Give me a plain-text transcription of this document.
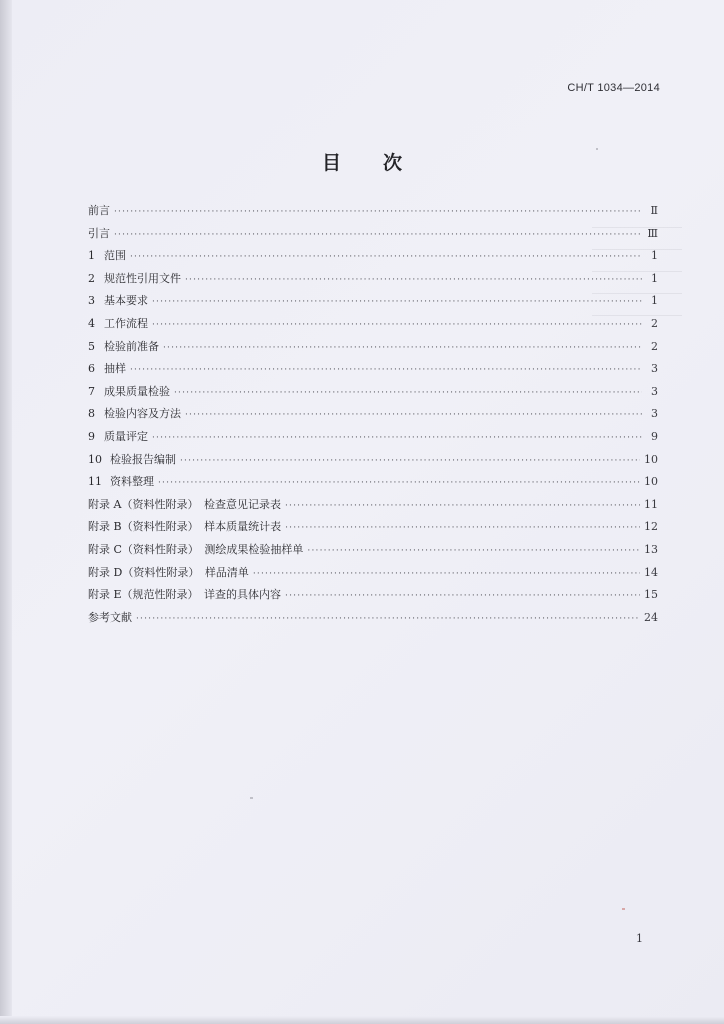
CH/T 1034—2014
目 次
前言 ·····	Ⅱ
引言 ·····	Ⅲ
1 范围 ·····	1
2 规范性引用文件 ·····	1
3 基本要求 ·····	1
4 工作流程 ·····	2
5 检验前准备 ·····	2
6 抽样 ·····	3
7 成果质量检验 ·····	3
8 检验内容及方法 ·····	3
9 质量评定 ·····	9
10 检验报告编制 ·····	10
11 资料整理 ·····	10
附录 A（资料性附录）　检查意见记录表 ·····	11
附录 B（资料性附录）　样本质量统计表 ·····	12
附录 C（资料性附录）　测绘成果检验抽样单 ·····	13
附录 D（资料性附录）　样品清单 ·····	14
附录 E（规范性附录）　详查的具体内容 ·····	15
参考文献 ·····	24
1
